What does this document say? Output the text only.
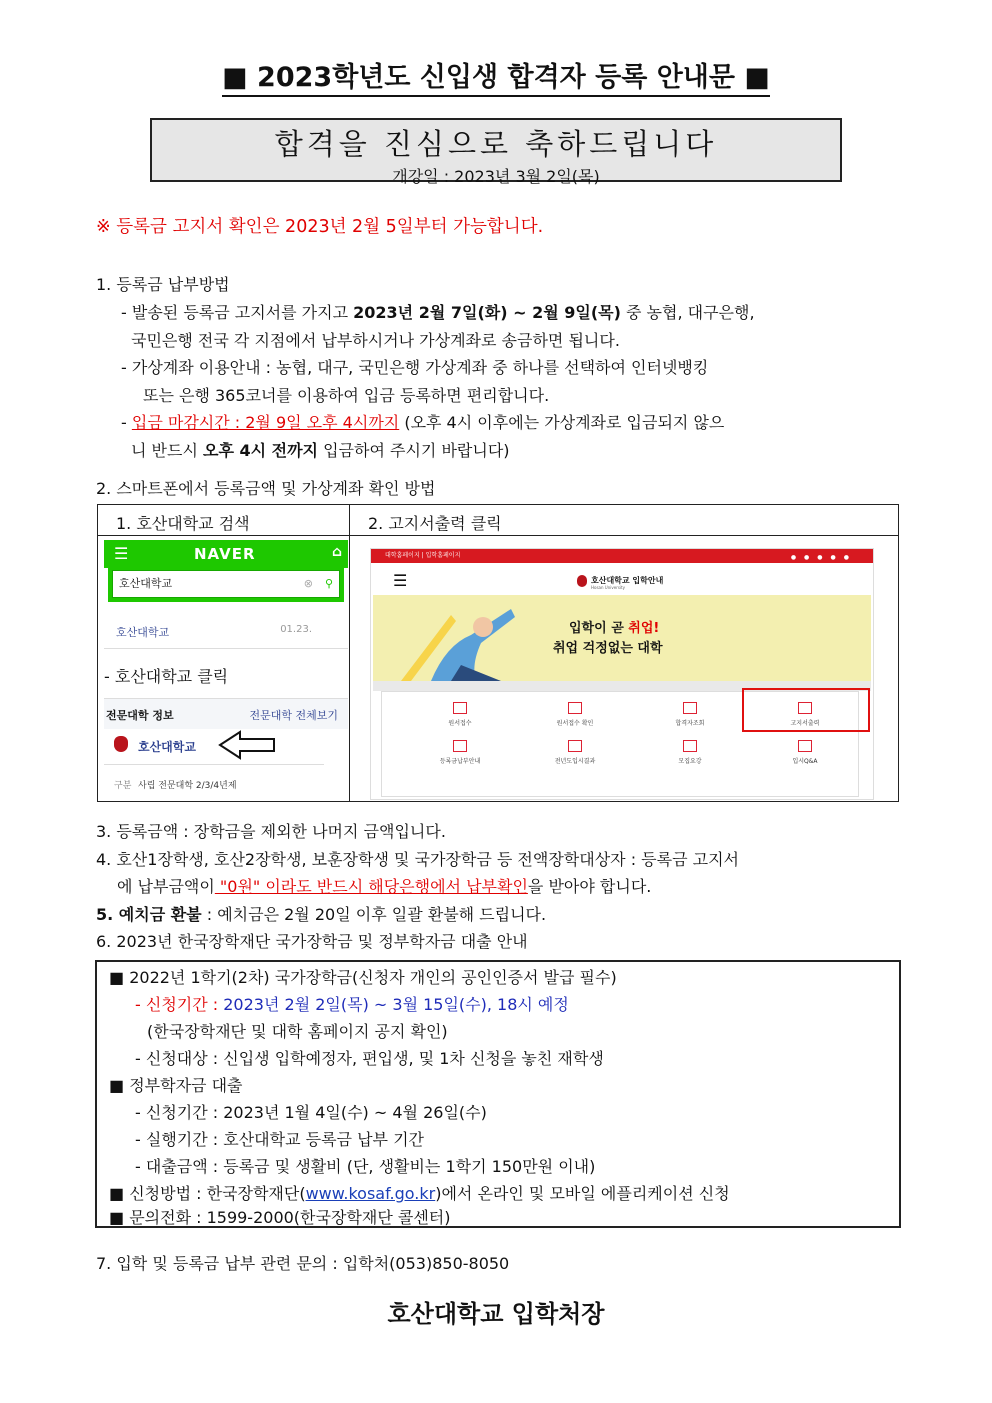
■ 2023학년도 신입생 합격자 등록 안내문 ■
합격을 진심으로 축하드립니다
개강일 : 2023년 3월 2일(목)
※ 등록금 고지서 확인은 2023년 2월 5일부터 가능합니다.
1. 등록금 납부방법
- 발송된 등록금 고지서를 가지고 2023년 2월 7일(화) ~ 2월 9일(목) 중 농협, 대구은행,
국민은행 전국 각 지점에서 납부하시거나 가상계좌로 송금하면 됩니다.
- 가상계좌 이용안내 : 농협, 대구, 국민은행 가상계좌 중 하나를 선택하여 인터넷뱅킹
또는 은행 365코너를 이용하여 입금 등록하면 편리합니다.
- 입금 마감시간 : 2월 9일 오후 4시까지 (오후 4시 이후에는 가상계좌로 입금되지 않으
니 반드시 오후 4시 전까지 입금하여 주시기 바랍니다)
2. 스마트폰에서 등록금액 및 가상계좌 확인 방법
1. 호산대학교 검색	2. 고지서출력 클릭

☰	NAVER	⌂
호산대학교	⊗ ⚲
호산대학교	01.23.
- 호산대학교 클릭
전문대학 정보	전문대학 전체보기
호산대학교
구분 사립 전문대학 2/3/4년제
대학홈페이지 | 입학홈페이지	●●●●●
☰	호산대학교 입학안내
Hosan University
입학이 곧 취업!
취업 걱정없는 대학
원서접수	원서접수 확인	합격자조회	고지서출력
등록금납부안내	전년도입시결과	모집요강	입시Q&A
3. 등록금액 : 장학금을 제외한 나머지 금액입니다.
4. 호산1장학생, 호산2장학생, 보훈장학생 및 국가장학금 등 전액장학대상자 : 등록금 고지서
에 납부금액이 "0원" 이라도 반드시 해당은행에서 납부확인을 받아야 합니다.
5. 예치금 환불 : 예치금은 2월 20일 이후 일괄 환불해 드립니다.
6. 2023년 한국장학재단 국가장학금 및 정부학자금 대출 안내
■ 2022년 1학기(2차) 국가장학금(신청자 개인의 공인인증서 발급 필수)
- 신청기간 : 2023년 2월 2일(목) ~ 3월 15일(수), 18시 예정
(한국장학재단 및 대학 홈페이지 공지 확인)
- 신청대상 : 신입생 입학예정자, 편입생, 및 1차 신청을 놓친 재학생
■ 정부학자금 대출
- 신청기간 : 2023년 1월 4일(수) ~ 4월 26일(수)
- 실행기간 : 호산대학교 등록금 납부 기간
- 대출금액 : 등록금 및 생활비 (단, 생활비는 1학기 150만원 이내)
■ 신청방법 : 한국장학재단(www.kosaf.go.kr)에서 온라인 및 모바일 에플리케이션 신청
■ 문의전화 : 1599-2000(한국장학재단 콜센터)
7. 입학 및 등록금 납부 관련 문의 : 입학처(053)850-8050
호산대학교 입학처장
